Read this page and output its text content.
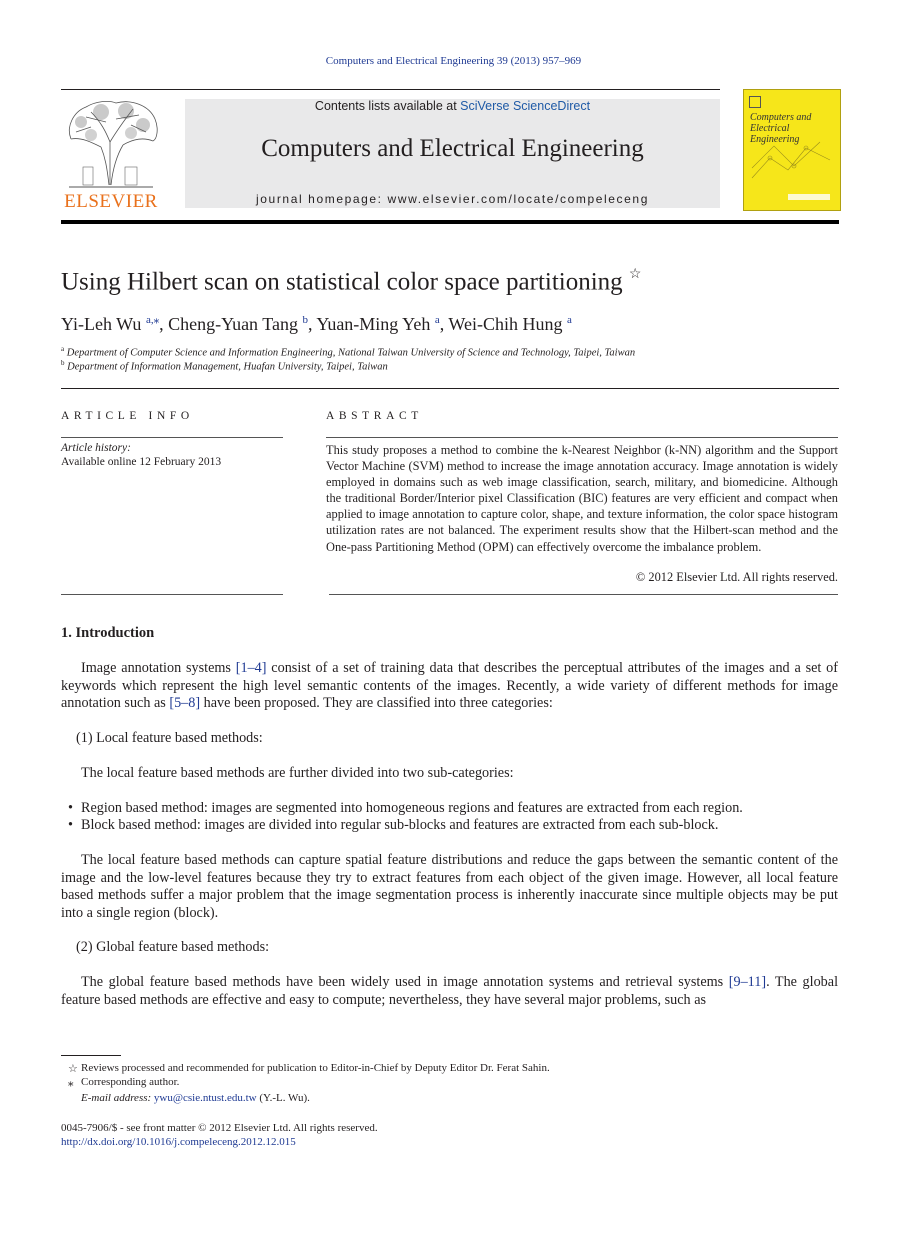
Computers and Electrical Engineering 39 (2013) 957–969
ELSEVIER
Contents lists available at SciVerse ScienceDirect
Computers and Electrical Engineering
journal homepage: www.elsevier.com/locate/compeleceng
Computers and Electrical Engineering
Using Hilbert scan on statistical color space partitioning ☆
Yi-Leh Wu $^{a,⁎}$, Cheng-Yuan Tang $^b$, Yuan-Ming Yeh $^a$, Wei-Chih Hung $^a$
$^a$ Department of Computer Science and Information Engineering, National Taiwan University of Science and Technology, Taipei, Taiwan
$^b$ Department of Information Management, Huafan University, Taipei, Taiwan
ARTICLE INFO
Article history:
Available online 12 February 2013
ABSTRACT
This study proposes a method to combine the k-Nearest Neighbor (k-NN) algorithm and the Support Vector Machine (SVM) method to increase the image annotation accuracy. Image annotation is widely employed in domains such as web image classification, search, military, and biomedicine. Although the traditional Border/Interior pixel Classification (BIC) features are very efficient and compact when applied to image annotation to capture color, shape, and texture information, the color space histogram utilization rates are not balanced. The experiment results show that the Hilbert-scan method and the One-pass Partitioning Method (OPM) can effectively overcome the imbalance problem.
© 2012 Elsevier Ltd. All rights reserved.
1. Introduction
Image annotation systems [1–4] consist of a set of training data that describes the perceptual attributes of the images and a set of keywords which represent the high level semantic contents of the images. Recently, a wide variety of different methods for image annotation such as [5–8] have been proposed. They are classified into three categories:
(1) Local feature based methods:
The local feature based methods are further divided into two sub-categories:
• Region based method: images are segmented into homogeneous regions and features are extracted from each region.
• Block based method: images are divided into regular sub-blocks and features are extracted from each sub-block.
The local feature based methods can capture spatial feature distributions and reduce the gaps between the semantic content of the image and the low-level features because they try to extract features from each object of the given image. However, all local feature based methods suffer a major problem that the image segmentation process is inherently inaccurate since multiple objects may be put into a single region (block).
(2) Global feature based methods:
The global feature based methods have been widely used in image annotation systems and retrieval systems [9–11]. The global feature based methods are effective and easy to compute; nevertheless, they have several major problems, such as
☆ Reviews processed and recommended for publication to Editor-in-Chief by Deputy Editor Dr. Ferat Sahin.
⁎ Corresponding author.
E-mail address: ywu@csie.ntust.edu.tw (Y.-L. Wu).
0045-7906/$ - see front matter © 2012 Elsevier Ltd. All rights reserved.
http://dx.doi.org/10.1016/j.compeleceng.2012.12.015
